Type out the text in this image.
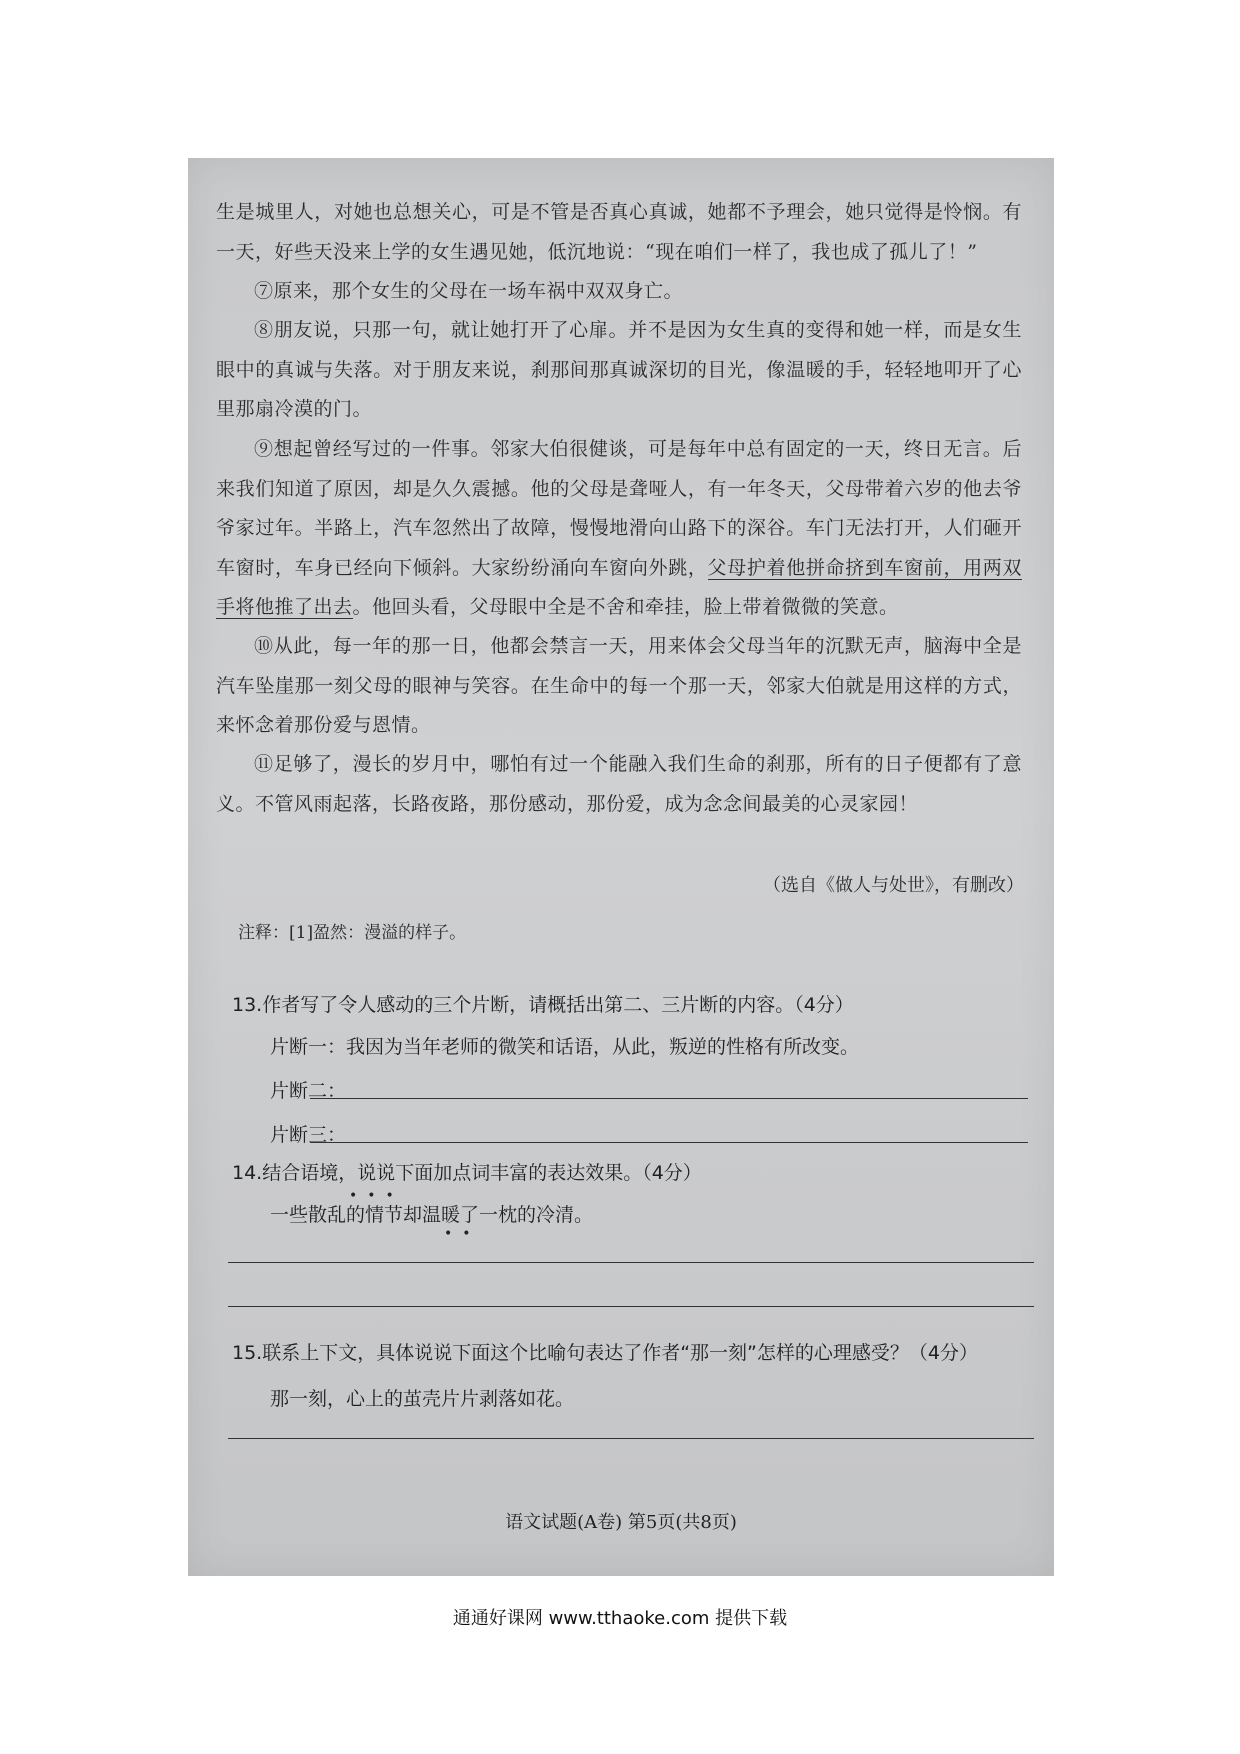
生是城里人，对她也总想关心，可是不管是否真心真诚，她都不予理会，她只觉得是怜悯。有一天，好些天没来上学的女生遇见她，低沉地说：“现在咱们一样了，我也成了孤儿了！”

⑦原来，那个女生的父母在一场车祸中双双身亡。

⑧朋友说，只那一句，就让她打开了心扉。并不是因为女生真的变得和她一样，而是女生眼中的真诚与失落。对于朋友来说，刹那间那真诚深切的目光，像温暖的手，轻轻地叩开了心里那扇冷漠的门。

⑨想起曾经写过的一件事。邻家大伯很健谈，可是每年中总有固定的一天，终日无言。后来我们知道了原因，却是久久震撼。他的父母是聋哑人，有一年冬天，父母带着六岁的他去爷爷家过年。半路上，汽车忽然出了故障，慢慢地滑向山路下的深谷。车门无法打开，人们砸开车窗时，车身已经向下倾斜。大家纷纷涌向车窗向外跳，父母护着他拼命挤到车窗前，用两双手将他推了出去。他回头看，父母眼中全是不舍和牵挂，脸上带着微微的笑意。

⑩从此，每一年的那一日，他都会禁言一天，用来体会父母当年的沉默无声，脑海中全是汽车坠崖那一刻父母的眼神与笑容。在生命中的每一个那一天，邻家大伯就是用这样的方式，来怀念着那份爱与恩情。

⑪足够了，漫长的岁月中，哪怕有过一个能融入我们生命的刹那，所有的日子便都有了意义。不管风雨起落，长路夜路，那份感动，那份爱，成为念念间最美的心灵家园！

（选自《做人与处世》，有删改）
注释：[1]盈然：漫溢的样子。
13.作者写了令人感动的三个片断，请概括出第二、三片断的内容。（4分）
片断一：我因为当年老师的微笑和话语，从此，叛逆的性格有所改变。
片断二：
片断三：
14.结合语境，说说下面加点词丰富的表达效果。（4分）
•••
一些散乱的情节却温暖了一枕的冷清。
••
15.联系上下文，具体说说下面这个比喻句表达了作者“那一刻”怎样的心理感受？（4分）
那一刻，心上的茧壳片片剥落如花。
语文试题(A卷) 第5页(共8页)
通通好课网 www.tthaoke.com 提供下载
